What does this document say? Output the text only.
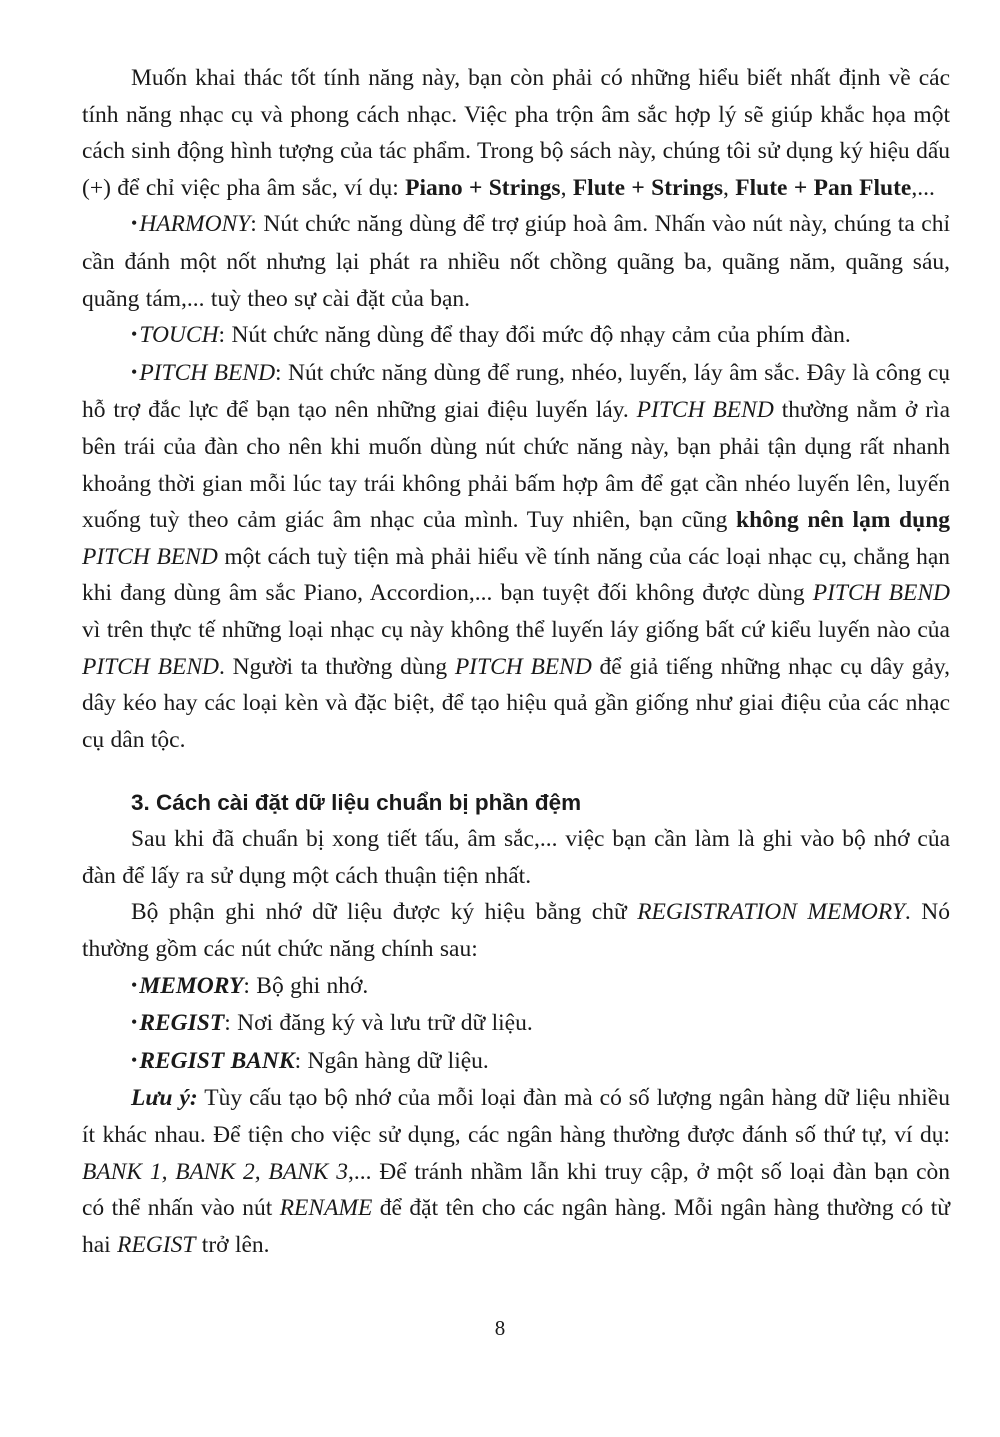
Muốn khai thác tốt tính năng này, bạn còn phải có những hiểu biết nhất định về các tính năng nhạc cụ và phong cách nhạc. Việc pha trộn âm sắc hợp lý sẽ giúp khắc họa một cách sinh động hình tượng của tác phẩm. Trong bộ sách này, chúng tôi sử dụng ký hiệu dấu (+) để chỉ việc pha âm sắc, ví dụ: Piano + Strings, Flute + Strings, Flute + Pan Flute,...

•HARMONY: Nút chức năng dùng để trợ giúp hoà âm. Nhấn vào nút này, chúng ta chỉ cần đánh một nốt nhưng lại phát ra nhiều nốt chồng quãng ba, quãng năm, quãng sáu, quãng tám,... tuỳ theo sự cài đặt của bạn.

•TOUCH: Nút chức năng dùng để thay đổi mức độ nhạy cảm của phím đàn.

•PITCH BEND: Nút chức năng dùng để rung, nhéo, luyến, láy âm sắc. Đây là công cụ hỗ trợ đắc lực để bạn tạo nên những giai điệu luyến láy. PITCH BEND thường nằm ở rìa bên trái của đàn cho nên khi muốn dùng nút chức năng này, bạn phải tận dụng rất nhanh khoảng thời gian mỗi lúc tay trái không phải bấm hợp âm để gạt cần nhéo luyến lên, luyến xuống tuỳ theo cảm giác âm nhạc của mình. Tuy nhiên, bạn cũng không nên lạm dụng PITCH BEND một cách tuỳ tiện mà phải hiểu về tính năng của các loại nhạc cụ, chẳng hạn khi đang dùng âm sắc Piano, Accordion,... bạn tuyệt đối không được dùng PITCH BEND vì trên thực tế những loại nhạc cụ này không thể luyến láy giống bất cứ kiểu luyến nào của PITCH BEND. Người ta thường dùng PITCH BEND để giả tiếng những nhạc cụ dây gảy, dây kéo hay các loại kèn và đặc biệt, để tạo hiệu quả gần giống như giai điệu của các nhạc cụ dân tộc.

3. Cách cài đặt dữ liệu chuẩn bị phần đệm

Sau khi đã chuẩn bị xong tiết tấu, âm sắc,... việc bạn cần làm là ghi vào bộ nhớ của đàn để lấy ra sử dụng một cách thuận tiện nhất.

Bộ phận ghi nhớ dữ liệu được ký hiệu bằng chữ REGISTRATION MEMORY. Nó thường gồm các nút chức năng chính sau:

•MEMORY: Bộ ghi nhớ.

•REGIST: Nơi đăng ký và lưu trữ dữ liệu.

•REGIST BANK: Ngân hàng dữ liệu.

Lưu ý: Tùy cấu tạo bộ nhớ của mỗi loại đàn mà có số lượng ngân hàng dữ liệu nhiều ít khác nhau. Để tiện cho việc sử dụng, các ngân hàng thường được đánh số thứ tự, ví dụ: BANK 1, BANK 2, BANK 3,... Để tránh nhầm lẫn khi truy cập, ở một số loại đàn bạn còn có thể nhấn vào nút RENAME để đặt tên cho các ngân hàng. Mỗi ngân hàng thường có từ hai REGIST trở lên.

8
